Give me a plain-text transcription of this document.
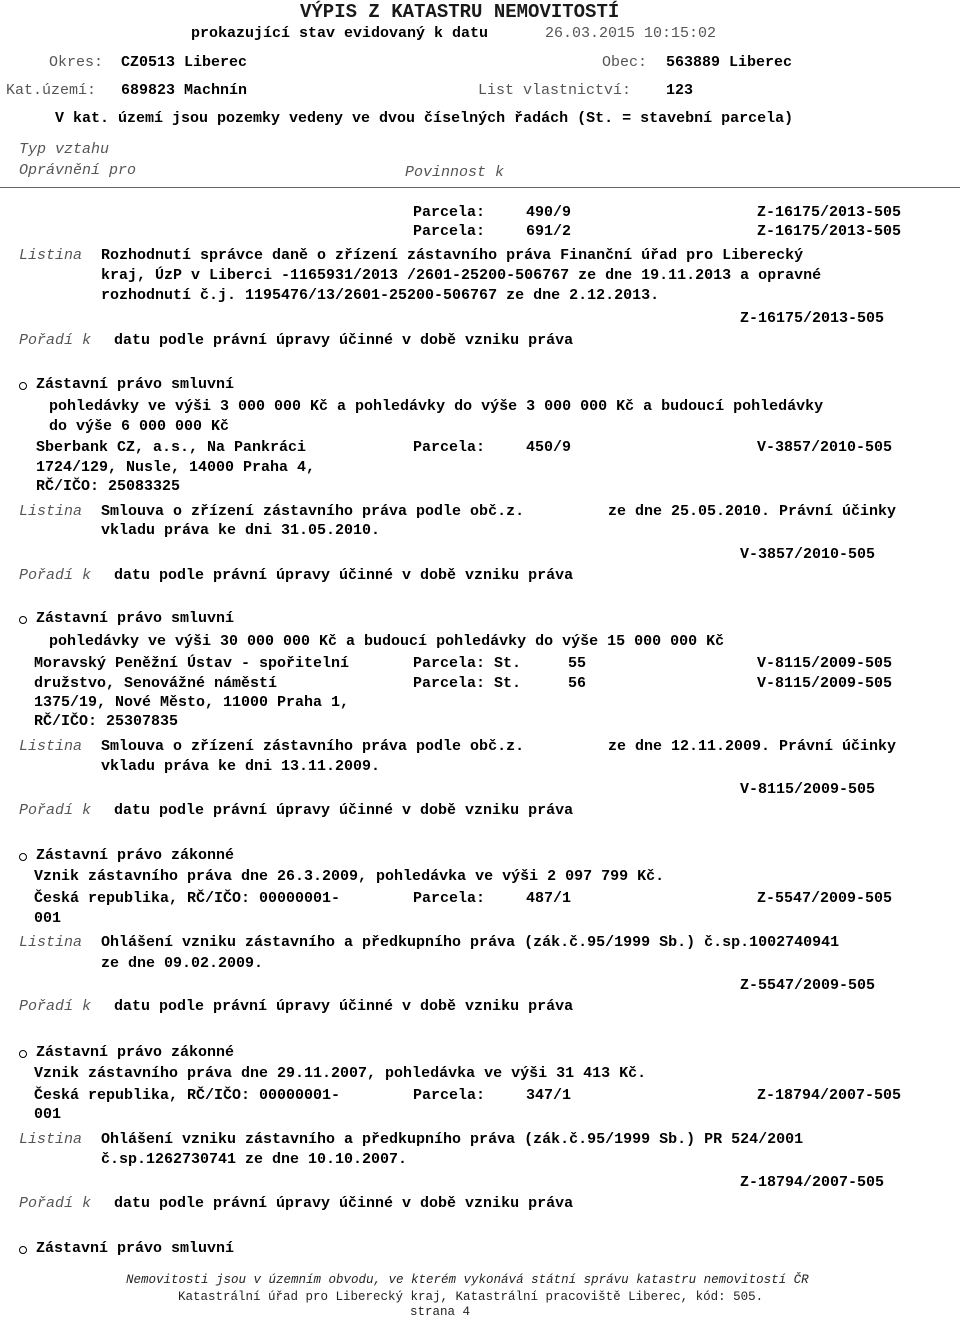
VÝPIS Z KATASTRU NEMOVITOSTÍ
prokazující stav evidovaný k datu	26.03.2015 10:15:02
Okres: CZ0513 Liberec	Obec: 563889 Liberec
Kat.území: 689823 Machnín	List vlastnictví: 123
V kat. území jsou pozemky vedeny ve dvou číselných řadách (St. = stavební parcela)
Typ vztahu
Oprávnění pro	Povinnost k
Parcela:	490/9	Z-16175/2013-505
Parcela:	691/2	Z-16175/2013-505
Listina Rozhodnutí správce daně o zřízení zástavního práva Finanční úřad pro Liberecký
kraj, ÚzP v Liberci -1165931/2013 /2601-25200-506767 ze dne 19.11.2013 a opravné
rozhodnutí č.j. 1195476/13/2601-25200-506767 ze dne 2.12.2013.
Z-16175/2013-505
Pořadí k datu podle právní úpravy účinné v době vzniku práva
Zástavní právo smluvní
pohledávky ve výši 3 000 000 Kč a pohledávky do výše 3 000 000 Kč a budoucí pohledávky
do výše 6 000 000 Kč
Sberbank CZ, a.s., Na Pankráci
1724/129, Nusle, 14000 Praha 4,
RČ/IČO: 25083325
Parcela:	450/9	V-3857/2010-505
Listina Smlouva o zřízení zástavního práva podle obč.z.	ze dne 25.05.2010. Právní účinky
vkladu práva ke dni 31.05.2010.
V-3857/2010-505
Pořadí k datu podle právní úpravy účinné v době vzniku práva
Zástavní právo smluvní
pohledávky ve výši 30 000 000 Kč a budoucí pohledávky do výše 15 000 000 Kč
Moravský Peněžní Ústav - spořitelní
družstvo, Senovážné náměstí
1375/19, Nové Město, 11000 Praha 1,
RČ/IČO: 25307835
Parcela: St.	55	V-8115/2009-505
Parcela: St.	56	V-8115/2009-505
Listina Smlouva o zřízení zástavního práva podle obč.z.	ze dne 12.11.2009. Právní účinky
vkladu práva ke dni 13.11.2009.
V-8115/2009-505
Pořadí k datu podle právní úpravy účinné v době vzniku práva
Zástavní právo zákonné
Vznik zástavního práva dne 26.3.2009, pohledávka ve výši 2 097 799 Kč.
Česká republika, RČ/IČO: 00000001-
001
Parcela:	487/1	Z-5547/2009-505
Listina Ohlášení vzniku zástavního a předkupního práva (zák.č.95/1999 Sb.) č.sp.1002740941
ze dne 09.02.2009.
Z-5547/2009-505
Pořadí k datu podle právní úpravy účinné v době vzniku práva
Zástavní právo zákonné
Vznik zástavního práva dne 29.11.2007, pohledávka ve výši 31 413 Kč.
Česká republika, RČ/IČO: 00000001-
001
Parcela:	347/1	Z-18794/2007-505
Listina Ohlášení vzniku zástavního a předkupního práva (zák.č.95/1999 Sb.) PR 524/2001
č.sp.1262730741 ze dne 10.10.2007.
Z-18794/2007-505
Pořadí k datu podle právní úpravy účinné v době vzniku práva
Zástavní právo smluvní
Nemovitosti jsou v územním obvodu, ve kterém vykonává státní správu katastru nemovitostí ČR
Katastrální úřad pro Liberecký kraj, Katastrální pracoviště Liberec, kód: 505.
strana 4
